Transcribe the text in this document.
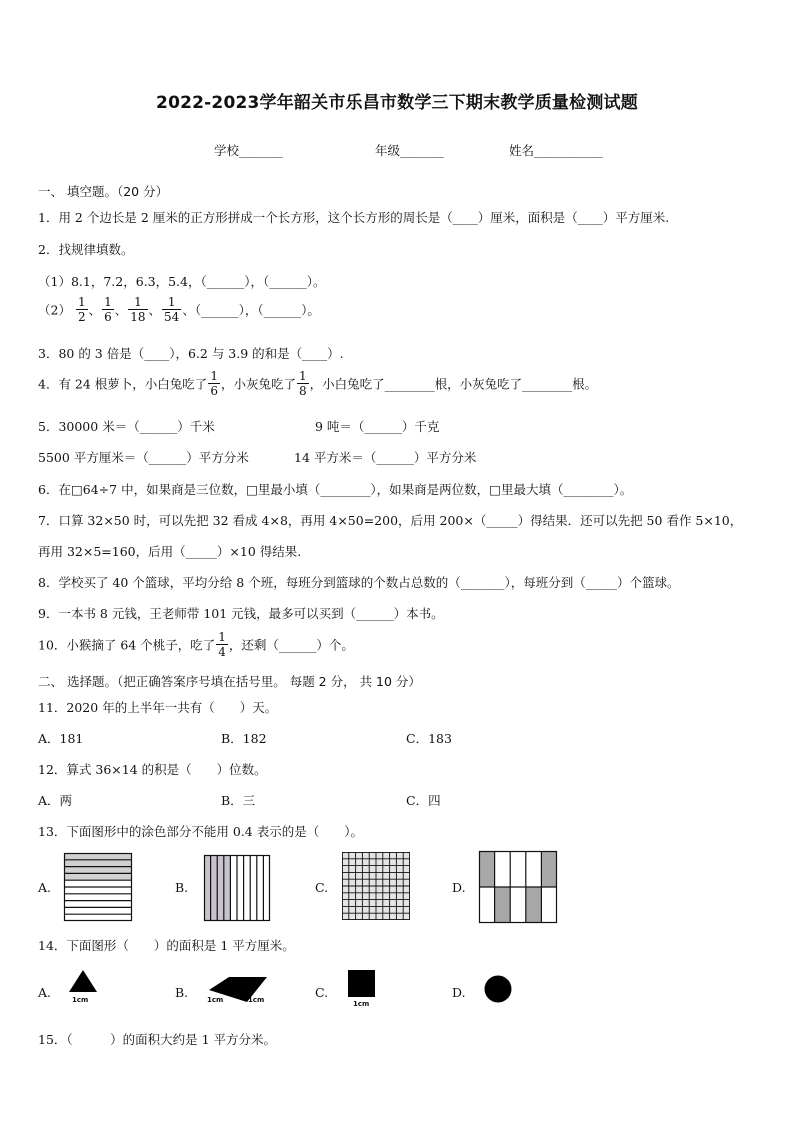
2022-2023学年韶关市乐昌市数学三下期末教学质量检测试题
学校_______	年级_______	姓名___________
一、 填空题。（20 分）
1．用 2 个边长是 2 厘米的正方形拼成一个长方形，这个长方形的周长是（____）厘米，面积是（____）平方厘米.
2．找规律填数。
（1）8.1，7.2，6.3，5.4，（______），（______）。
$(2) \frac{1}{2}$ 、 $\frac{1}{6}$ 、 $\frac{1}{18}$ 、 $\frac{1}{54}$ 、（______），（______）。
3．80 的 3 倍是（____），6.2 与 3.9 的和是（____）.
4．有 24 根萝卜，小白兔吃了 $\frac{1}{6}$ ，小灰兔吃了 $\frac{1}{8}$ ，小白兔吃了________根，小灰兔吃了________根。
5．30000 米＝（______）千米	9 吨＝（______）千克
5500 平方厘米＝（______）平方分米	14 平方米＝（______）平方分米
6．在□64÷7 中，如果商是三位数，□里最小填（________），如果商是两位数，□里最大填（________）。
7．口算 32×50 时，可以先把 32 看成 4×8，再用 4×50=200，后用 200×（_____）得结果．还可以先把 50 看作 5×10，
再用 32×5=160，后用（_____）×10 得结果.
8．学校买了 40 个篮球，平均分给 8 个班，每班分到篮球的个数占总数的（_______），每班分到（_____）个篮球。
9．一本书 8 元钱，王老师带 101 元钱，最多可以买到（______）本书。
10．小猴摘了 64 个桃子，吃了 $\frac{1}{4}$ ，还剩（______）个。
二、 选择题。（把正确答案序号填在括号里。 每题 2 分， 共 10 分）
11．2020 年的上半年一共有（　　）天。
A．181	B．182	C．183
12．算式 36×14 的积是（　　）位数。
A．两	B．三	C．四
13．下面图形中的涂色部分不能用 0.4 表示的是（　　）。
A.	B.	C.	D.
14．下面图形（　　）的面积是 1 平方厘米。
A.	B.	C.	D.
1cm	1cm	1cm	1cm
15．（　　　）的面积大约是 1 平方分米。
